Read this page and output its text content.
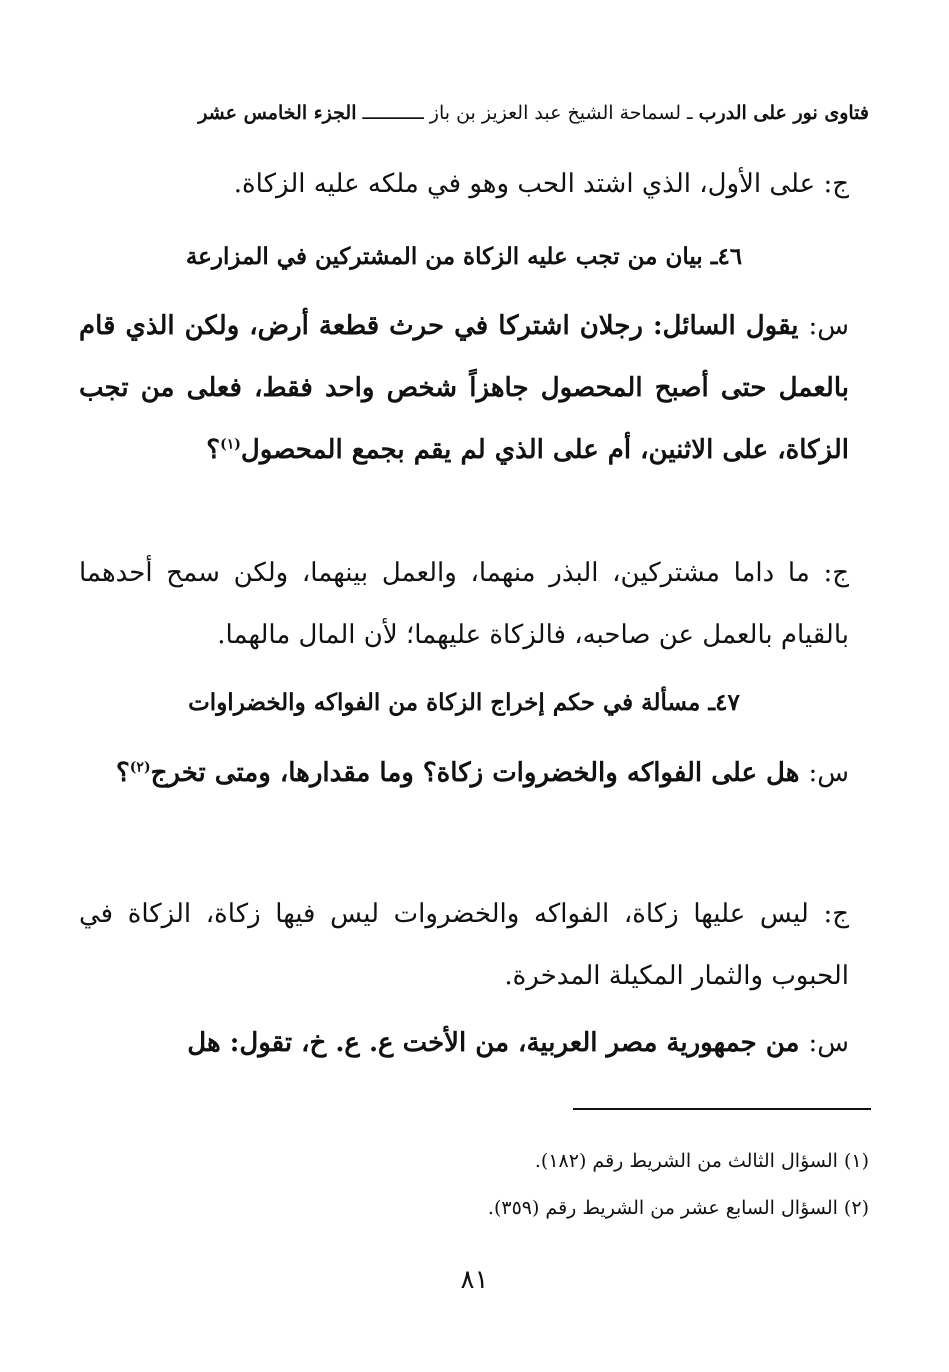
فتاوى نور على الدرب ـ لسماحة الشيخ عبد العزيز بن باز ـــــــــــ الجزء الخامس عشر
ج: على الأول، الذي اشتد الحب وهو في ملكه عليه الزكاة.
٤٦ـ بيان من تجب عليه الزكاة من المشتركين في المزارعة
س: يقول السائل: رجلان اشتركا في حرث قطعة أرض، ولكن الذي قام بالعمل حتى أصبح المحصول جاهزاً شخص واحد فقط، فعلى من تجب الزكاة، على الاثنين، أم على الذي لم يقم بجمع المحصول$^{(١)}$؟
ج: ما داما مشتركين، البذر منهما، والعمل بينهما، ولكن سمح أحدهما بالقيام بالعمل عن صاحبه، فالزكاة عليهما؛ لأن المال مالهما.
٤٧ـ مسألة في حكم إخراج الزكاة من الفواكه والخضراوات
س: هل على الفواكه والخضروات زكاة؟ وما مقدارها، ومتى تخرج$^{(٢)}$؟
ج: ليس عليها زكاة، الفواكه والخضروات ليس فيها زكاة، الزكاة في الحبوب والثمار المكيلة المدخرة.
س: من جمهورية مصر العربية، من الأخت ع. ع. خ، تقول: هل
(١) السؤال الثالث من الشريط رقم (١٨٢).
(٢) السؤال السابع عشر من الشريط رقم (٣٥٩).
٨١
